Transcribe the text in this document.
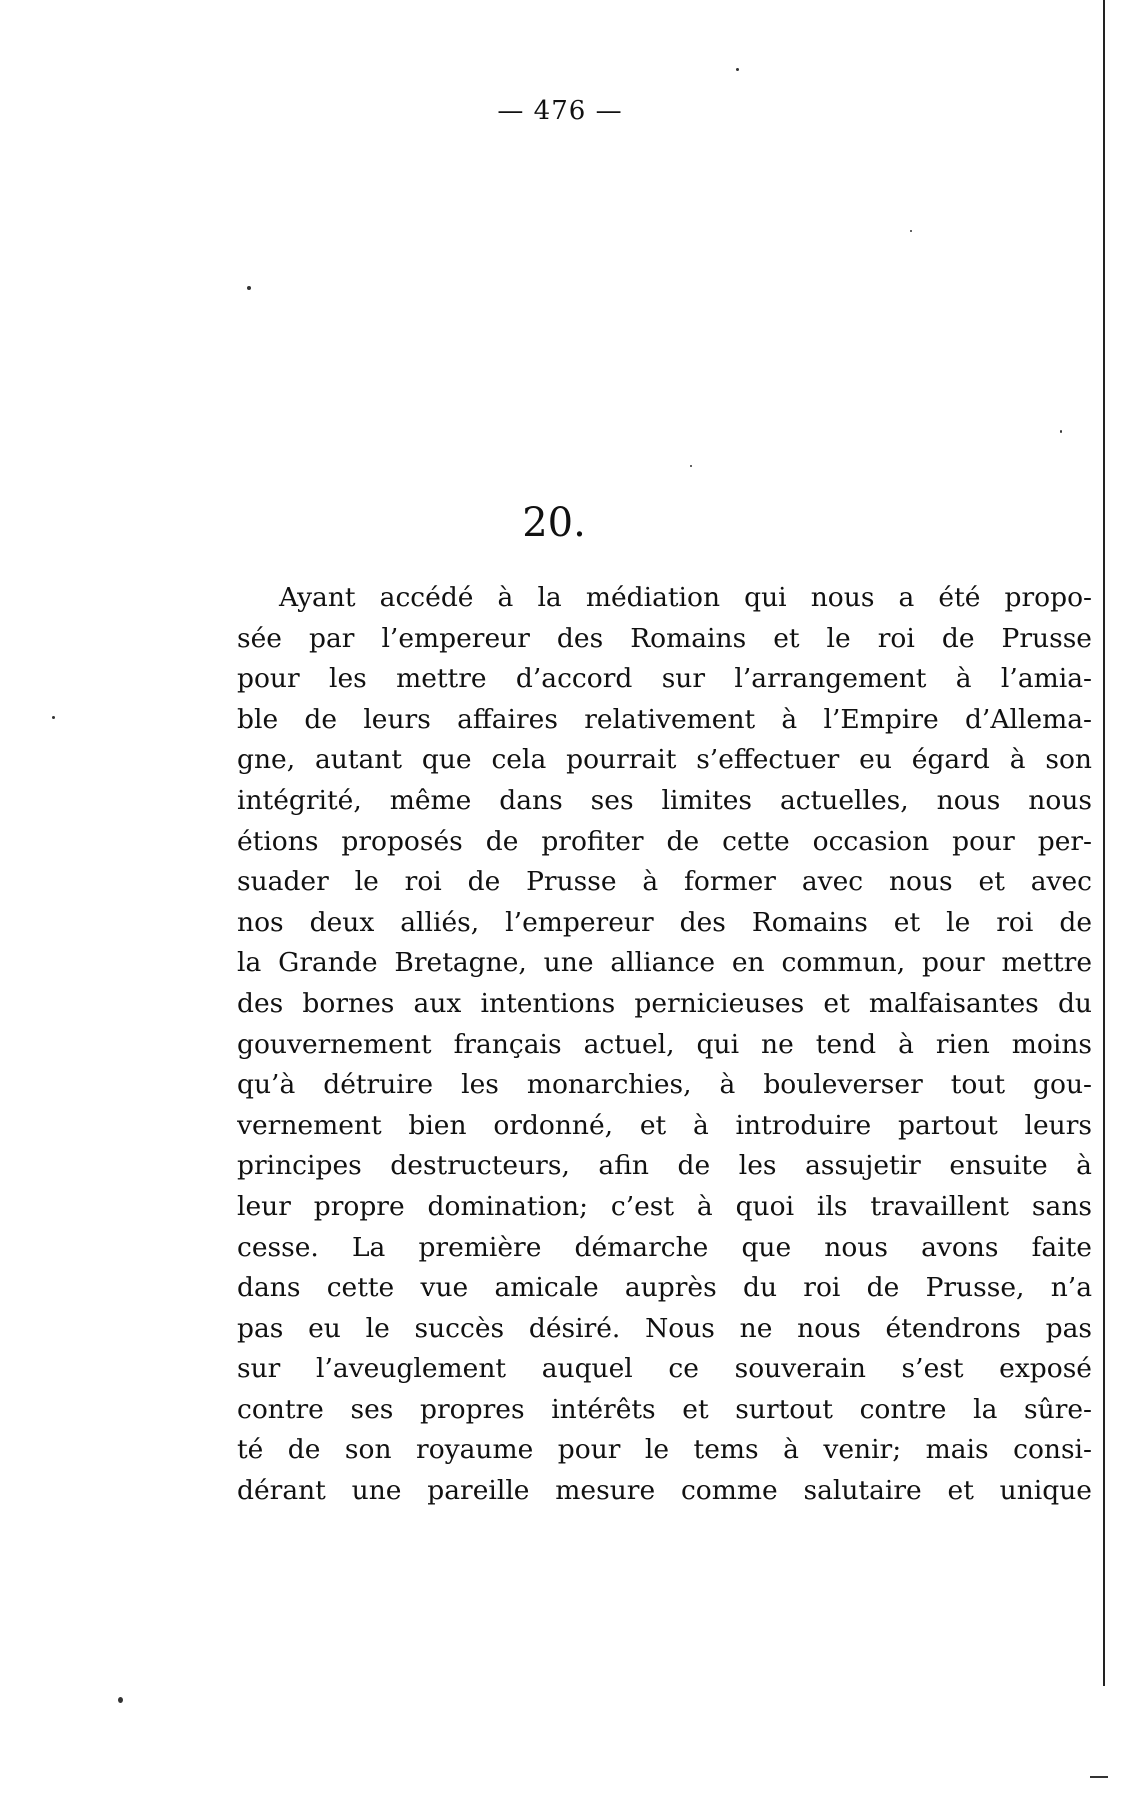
— 476 —
20.
Ayant accédé à la médiation qui nous a été propo-
sée par l’empereur des Romains et le roi de Prusse
pour les mettre d’accord sur l’arrangement à l’amia-
ble de leurs affaires relativement à l’Empire d’Allema-
gne, autant que cela pourrait s’effectuer eu égard à son
intégrité, même dans ses limites actuelles, nous nous
étions proposés de profiter de cette occasion pour per-
suader le roi de Prusse à former avec nous et avec
nos deux alliés, l’empereur des Romains et le roi de
la Grande Bretagne, une alliance en commun, pour mettre
des bornes aux intentions pernicieuses et malfaisantes du
gouvernement français actuel, qui ne tend à rien moins
qu’à détruire les monarchies, à bouleverser tout gou-
vernement bien ordonné, et à introduire partout leurs
principes destructeurs, afin de les assujetir ensuite à
leur propre domination; c’est à quoi ils travaillent sans
cesse. La première démarche que nous avons faite
dans cette vue amicale auprès du roi de Prusse, n’a
pas eu le succès désiré. Nous ne nous étendrons pas
sur l’aveuglement auquel ce souverain s’est exposé
contre ses propres intérêts et surtout contre la sûre-
té de son royaume pour le tems à venir; mais consi-
dérant une pareille mesure comme salutaire et unique
